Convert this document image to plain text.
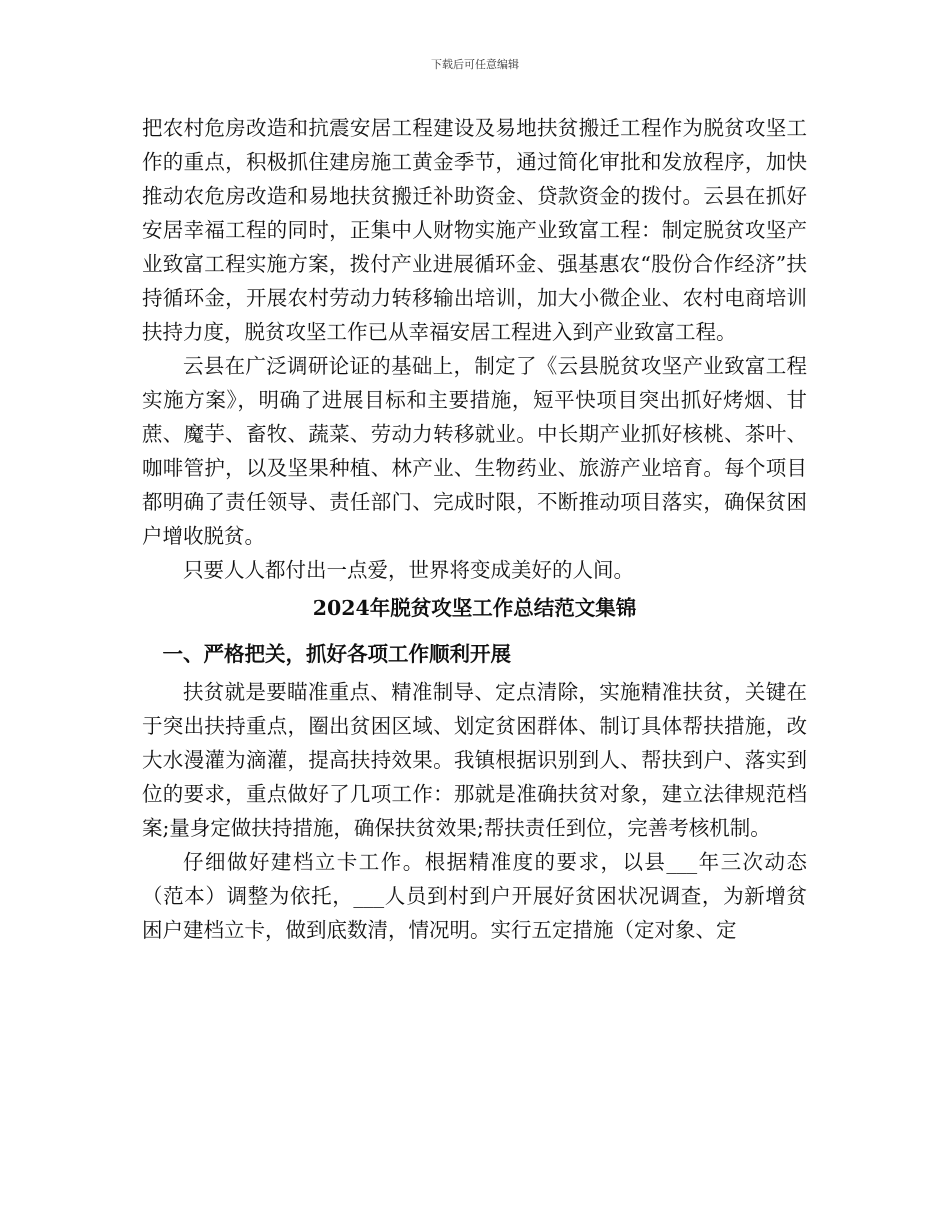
下载后可任意编辑

把农村危房改造和抗震安居工程建设及易地扶贫搬迁工程作为脱贫攻坚工作的重点，积极抓住建房施工黄金季节，通过简化审批和发放程序，加快推动农危房改造和易地扶贫搬迁补助资金、贷款资金的拨付。云县在抓好安居幸福工程的同时，正集中人财物实施产业致富工程：制定脱贫攻坚产业致富工程实施方案，拨付产业进展循环金、强基惠农“股份合作经济”扶持循环金，开展农村劳动力转移输出培训，加大小微企业、农村电商培训扶持力度，脱贫攻坚工作已从幸福安居工程进入到产业致富工程。

云县在广泛调研论证的基础上，制定了《云县脱贫攻坚产业致富工程实施方案》，明确了进展目标和主要措施，短平快项目突出抓好烤烟、甘蔗、魔芋、畜牧、蔬菜、劳动力转移就业。中长期产业抓好核桃、茶叶、咖啡管护，以及坚果种植、林产业、生物药业、旅游产业培育。每个项目都明确了责任领导、责任部门、完成时限，不断推动项目落实，确保贫困户增收脱贫。

只要人人都付出一点爱，世界将变成美好的人间。

2024年脱贫攻坚工作总结范文集锦

一、严格把关，抓好各项工作顺利开展

扶贫就是要瞄准重点、精准制导、定点清除，实施精准扶贫，关键在于突出扶持重点，圈出贫困区域、划定贫困群体、制订具体帮扶措施，改大水漫灌为滴灌，提高扶持效果。我镇根据识别到人、帮扶到户、落实到位的要求，重点做好了几项工作：那就是准确扶贫对象，建立法律规范档案;量身定做扶持措施，确保扶贫效果;帮扶责任到位，完善考核机制。

仔细做好建档立卡工作。根据精准度的要求，以县___年三次动态（范本）调整为依托，___人员到村到户开展好贫困状况调查，为新增贫困户建档立卡，做到底数清，情况明。实行五定措施（定对象、定
